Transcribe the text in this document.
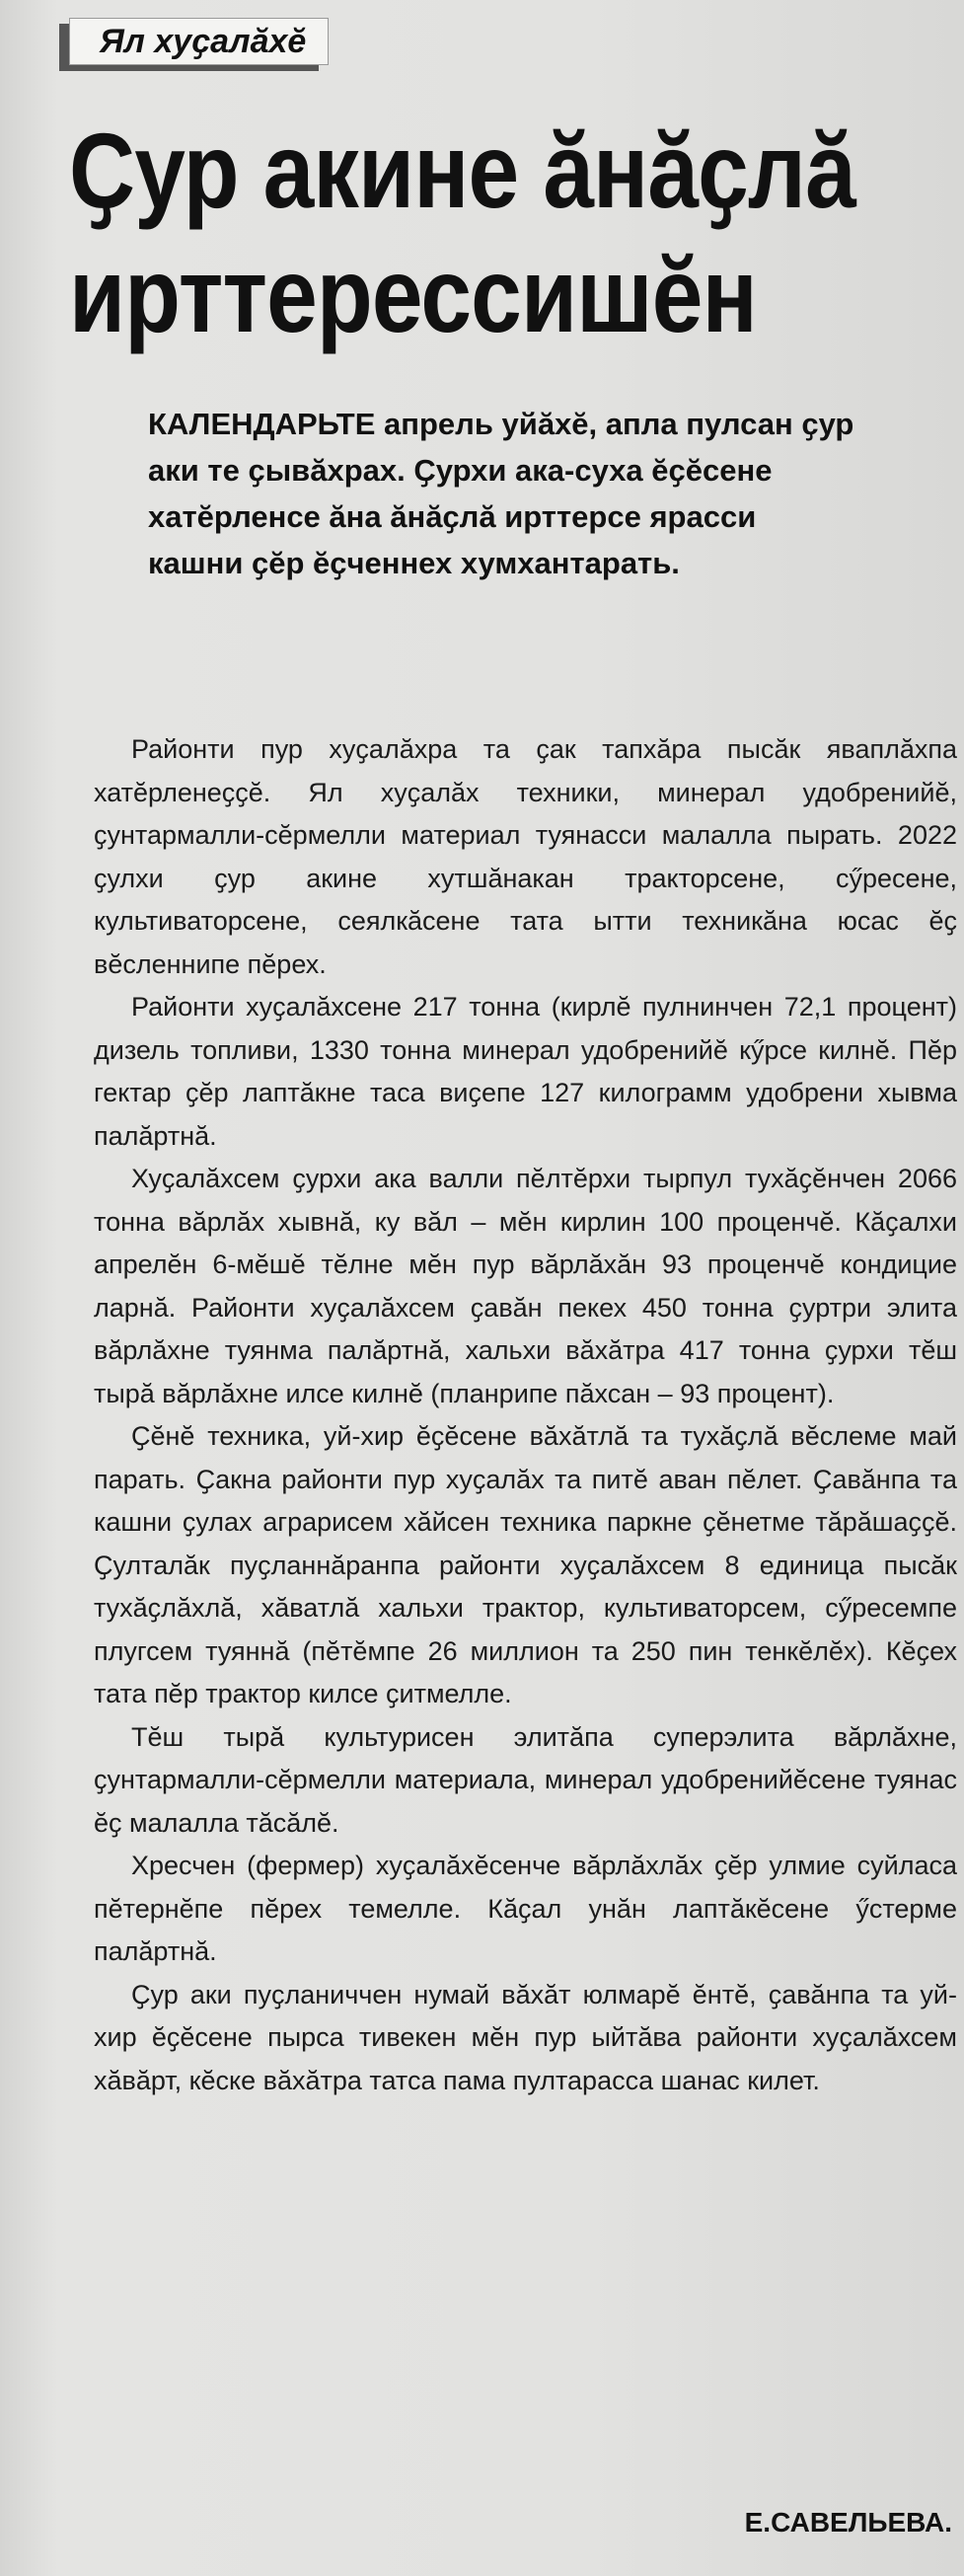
Ял хуҫалăхĕ
Ҫур акине ăнăҫлă
ирттерессишĕн
КАЛЕНДАРЬТЕ апрель уйăхĕ, апла пулсан ҫур аки те ҫывăхрах. Ҫурхи ака-суха ĕҫĕсене хатĕрленсе ăна ăнăҫлă ирттерсе ярасси кашни ҫĕр ĕҫченнех хумхантарать.

Районти пур хуҫалăхра та ҫак тапхăра пысăк яваплăхпа хатĕрленеҫҫĕ. Ял хуҫалăх техники, минерал удобренийĕ, ҫунтармалли-сĕрмелли материал туянасси малалла пырать. 2022 ҫулхи ҫур акине хутшăнакан тракторсене, сӳресене, культиваторсене, сеялкăсене тата ытти техникăна юсас ĕҫ вĕсленнипе пĕрех.

Районти хуҫалăхсене 217 тонна (кирлĕ пулнинчен 72,1 процент) дизель топливи, 1330 тонна минерал удобренийĕ кӳрсе килнĕ. Пĕр гектар ҫĕр лаптăкне таса виҫепе 127 килограмм удобрени хывма палăртнă.

Хуҫалăхсем ҫурхи ака валли пĕлтĕрхи тырпул тухăҫĕнчен 2066 тонна вăрлăх хывнă, ку вăл – мĕн кирлин 100 проценчĕ. Кăҫалхи апрелĕн 6-мĕшĕ тĕлне мĕн пур вăрлăхăн 93 проценчĕ кондицие ларнă. Районти хуҫалăхсем ҫавăн пекех 450 тонна ҫуртри элита вăрлăхне туянма палăртнă, хальхи вăхăтра 417 тонна ҫурхи тĕш тырă вăрлăхне илсе килнĕ (планрипе пăхсан – 93 процент).

Ҫĕнĕ техника, уй-хир ĕҫĕсене вăхăтлă та тухăҫлă вĕслеме май парать. Ҫакна районти пур хуҫалăх та питĕ аван пĕлет. Ҫавăнпа та кашни ҫулах аграрисем хăйсен техника паркне ҫĕнетме тăрăшаҫҫĕ. Ҫулталăк пуҫланнăранпа районти хуҫалăхсем 8 единица пысăк тухăҫлăхлă, хăватлă хальхи трактор, культиваторсем, сӳресемпе плугсем туяннă (пĕтĕмпе 26 миллион та 250 пин тенкĕлĕх). Кĕҫех тата пĕр трактор килсе ҫитмелле.

Тĕш тырă культурисен элитăпа суперэлита вăрлăхне, ҫунтармалли-сĕрмелли материала, минерал удобренийĕсене туянас ĕҫ малалла тăсăлĕ.

Хресчен (фермер) хуҫалăхĕсенче вăрлăхлăх ҫĕр улмие суйласа пĕтернĕпе пĕрех темелле. Кăҫал унăн лаптăкĕсене ӳстерме палăртнă.

Ҫур аки пуҫланиччен нумай вăхăт юлмарĕ ĕнтĕ, ҫавăнпа та уй-хир ĕҫĕсене пырса тивекен мĕн пур ыйтăва районти хуҫалăхсем хăвăрт, кĕске вăхăтра татса пама пултарасса шанас килет.

Е.САВЕЛЬЕВА.
